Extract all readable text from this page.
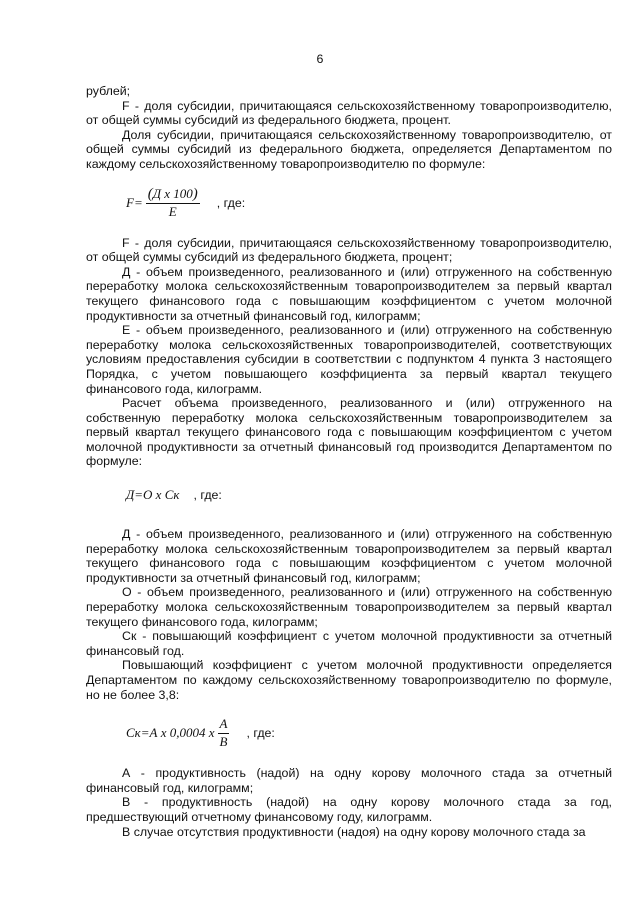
6

рублей;

F - доля субсидии, причитающаяся сельскохозяйственному товаропроизводителю, от общей суммы субсидий из федерального бюджета, процент.

Доля субсидии, причитающаяся сельскохозяйственному товаропроизводителю, от общей суммы субсидий из федерального бюджета, определяется Департаментом по каждому сельскохозяйственному товаропроизводителю по формуле:

$F= \frac{\text{(Д х 100)}}{E}$ , где:

F - доля субсидии, причитающаяся сельскохозяйственному товаропроизводителю, от общей суммы субсидий из федерального бюджета, процент;

Д - объем произведенного, реализованного и (или) отгруженного на собственную переработку молока сельскохозяйственным товаропроизводителем за первый квартал текущего финансового года с повышающим коэффициентом с учетом молочной продуктивности за отчетный финансовый год, килограмм;

Е - объем произведенного, реализованного и (или) отгруженного на собственную переработку молока сельскохозяйственных товаропроизводителей, соответствующих условиям предоставления субсидии в соответствии с подпунктом 4 пункта 3 настоящего Порядка, с учетом повышающего коэффициента за первый квартал текущего финансового года, килограмм.

Расчет объема произведенного, реализованного и (или) отгруженного на собственную переработку молока сельскохозяйственным товаропроизводителем за первый квартал текущего финансового года с повышающим коэффициентом с учетом молочной продуктивности за отчетный финансовый год производится Департаментом по формуле:

Д=О х Ск , где:

Д - объем произведенного, реализованного и (или) отгруженного на собственную переработку молока сельскохозяйственным товаропроизводителем за первый квартал текущего финансового года с повышающим коэффициентом с учетом молочной продуктивности за отчетный финансовый год, килограмм;

О - объем произведенного, реализованного и (или) отгруженного на собственную переработку молока сельскохозяйственным товаропроизводителем за первый квартал текущего финансового года, килограмм;

Ск - повышающий коэффициент с учетом молочной продуктивности за отчетный финансовый год.

Повышающий коэффициент с учетом молочной продуктивности определяется Департаментом по каждому сельскохозяйственному товаропроизводителю по формуле, но не более 3,8:

Ск=А х 0,0004 х $\frac{А}{В}$ , где:

А - продуктивность (надой) на одну корову молочного стада за отчетный финансовый год, килограмм;

В - продуктивность (надой) на одну корову молочного стада за год, предшествующий отчетному финансовому году, килограмм.

В случае отсутствия продуктивности (надоя) на одну корову молочного стада за
